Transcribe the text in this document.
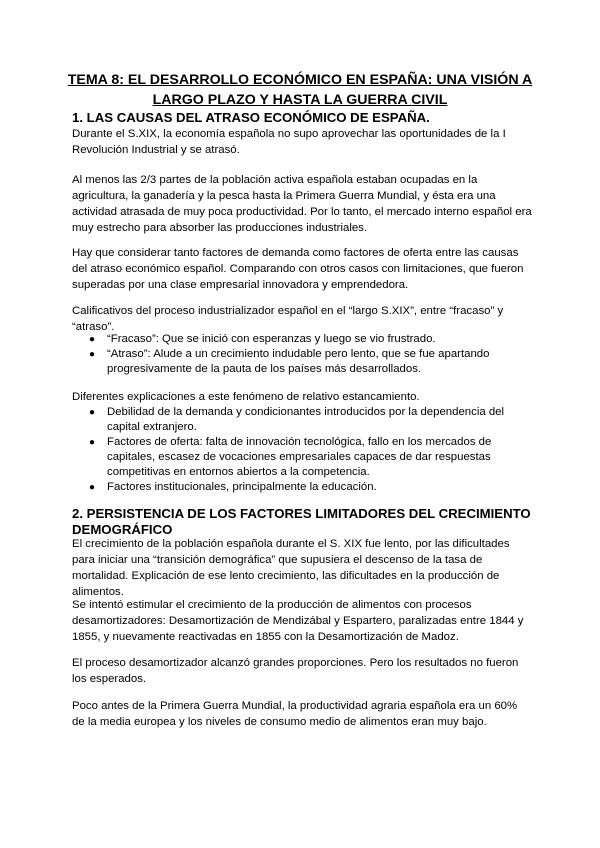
TEMA 8: EL DESARROLLO ECONÓMICO EN ESPAÑA: UNA VISIÓN A LARGO PLAZO Y HASTA LA GUERRA CIVIL
1. LAS CAUSAS DEL ATRASO ECONÓMICO DE ESPAÑA.

Durante el S.XIX, la economía española no supo aprovechar las oportunidades de la I Revolución Industrial y se atrasó.

Al menos las 2/3 partes de la población activa española estaban ocupadas en la agricultura, la ganadería y la pesca hasta la Primera Guerra Mundial, y ésta era una actividad atrasada de muy poca productividad. Por lo tanto, el mercado interno español era muy estrecho para absorber las producciones industriales.

Hay que considerar tanto factores de demanda como factores de oferta entre las causas del atraso económico español. Comparando con otros casos con limitaciones, que fueron superadas por una clase empresarial innovadora y emprendedora.

Calificativos del proceso industrializador español en el “largo S.XIX”, entre “fracaso” y “atraso”.

● “Fracaso”: Que se inició con esperanzas y luego se vio frustrado.
● “Atraso”: Alude a un crecimiento indudable pero lento, que se fue apartando progresivamente de la pauta de los países más desarrollados.

Diferentes explicaciones a este fenómeno de relativo estancamiento.

● Debilidad de la demanda y condicionantes introducidos por la dependencia del capital extranjero.
● Factores de oferta: falta de innovación tecnológica, fallo en los mercados de capitales, escasez de vocaciones empresariales capaces de dar respuestas competitivas en entornos abiertos a la competencia.
● Factores institucionales, principalmente la educación.
2. PERSISTENCIA DE LOS FACTORES LIMITADORES DEL CRECIMIENTO DEMOGRÁFICO

El crecimiento de la población española durante el S. XIX fue lento, por las dificultades para iniciar una “transición demográfica” que supusiera el descenso de la tasa de mortalidad. Explicación de ese lento crecimiento, las dificultades en la producción de alimentos.

Se intentó estimular el crecimiento de la producción de alimentos con procesos desamortizadores: Desamortización de Mendizábal y Espartero, paralizadas entre 1844 y 1855, y nuevamente reactivadas en 1855 con la Desamortización de Madoz.

El proceso desamortizador alcanzó grandes proporciones. Pero los resultados no fueron los esperados.

Poco antes de la Primera Guerra Mundial, la productividad agraria española era un 60% de la media europea y los niveles de consumo medio de alimentos eran muy bajo.
